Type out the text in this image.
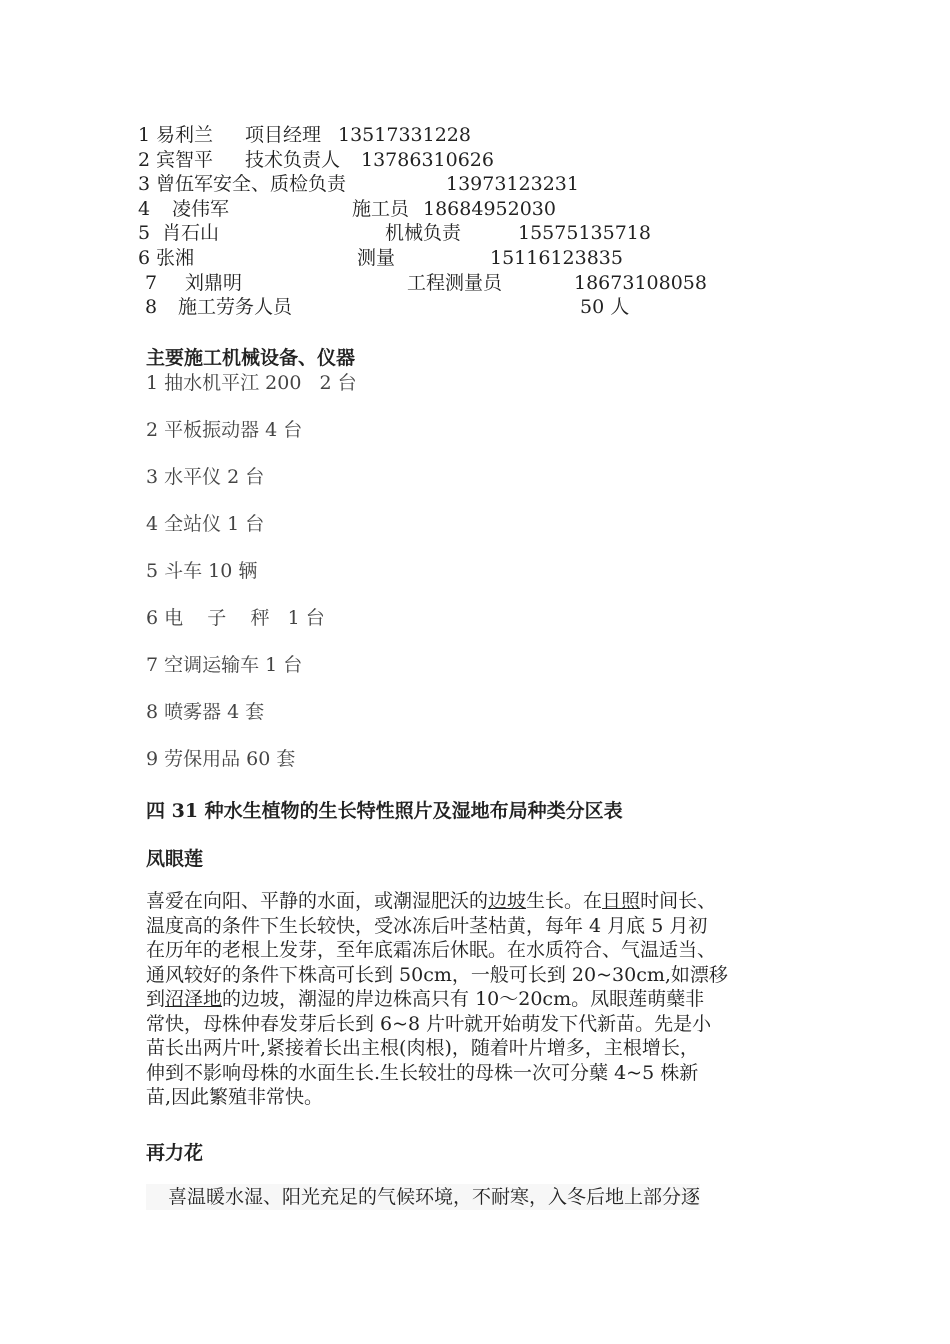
1 易利兰 项目经理 13517331228
2 宾智平 技术负责人 13786310626
3 曾伍军 安全、质检负责	13973123231
4 凌伟军	施工员 18684952030
5 肖石山	机械负责	15575135718
6 张湘	测量	15116123835
7 刘鼎明	工程测量员	18673108058
8 施工劳务人员	50 人
主要施工机械设备、仪器
1 抽水机平江 200   2 台
2 平板振动器 4 台
3 水平仪 2 台
4 全站仪 1 台
5 斗车 10 辆
6 电    子    秤   1 台
7 空调运输车 1 台
8 喷雾器 4 套
9 劳保用品 60 套
四 31 种水生植物的生长特性照片及湿地布局种类分区表
凤眼莲
喜爱在向阳、平静的水面，或潮湿肥沃的边坡生长。在日照时间长、
温度高的条件下生长较快，受冰冻后叶茎枯黄，每年 4 月底 5 月初
在历年的老根上发芽，至年底霜冻后休眠。在水质符合、气温适当、
通风较好的条件下株高可长到 50cm，一般可长到 20~30cm,如漂移
到沼泽地的边坡，潮湿的岸边株高只有 10～20cm。凤眼莲萌蘖非
常快，母株仲春发芽后长到 6~8 片叶就开始萌发下代新苗。先是小
苗长出两片叶,紧接着长出主根(肉根)，随着叶片增多，主根增长，
伸到不影响母株的水面生长.生长较壮的母株一次可分蘖 4~5 株新
苗,因此繁殖非常快。
再力花
喜温暖水湿、阳光充足的气候环境，不耐寒，入冬后地上部分逐
